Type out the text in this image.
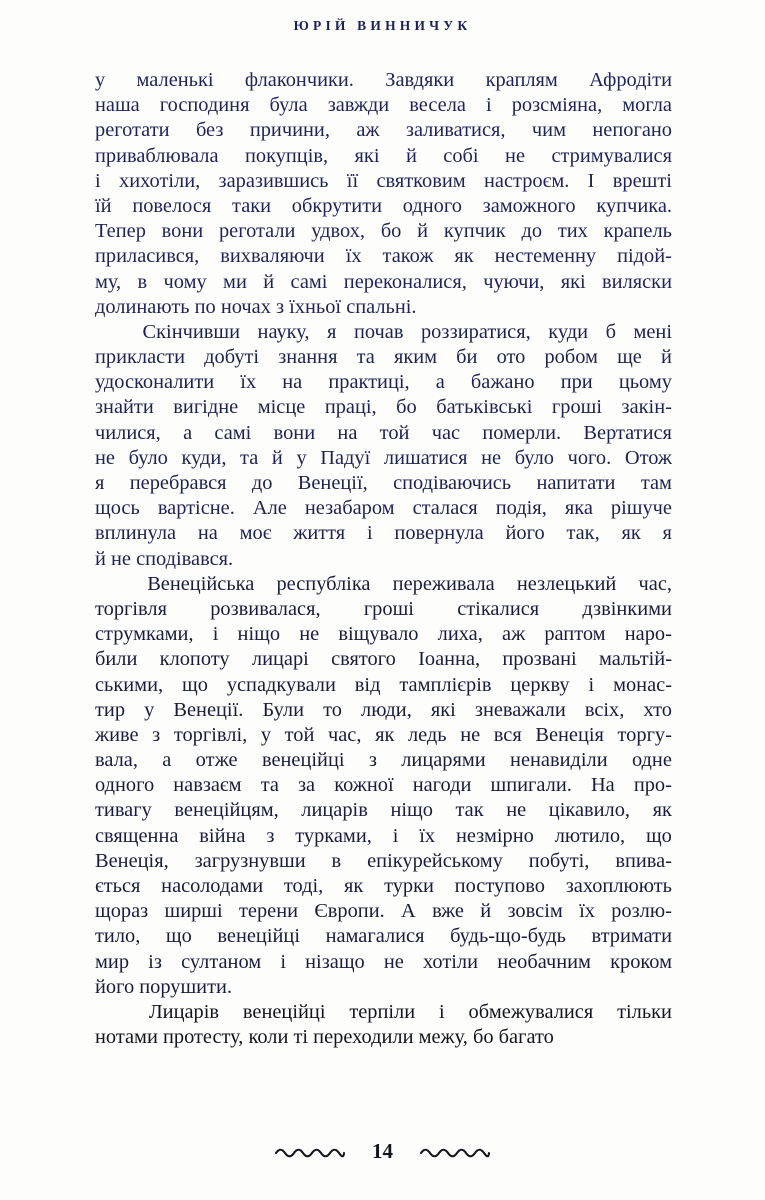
ЮРІЙ ВИННИЧУК
у маленькі флакончики. Завдяки краплям Афродіти
наша господиня була завжди весела і розсміяна, могла
реготати без причини, аж заливатися, чим непогано
приваблювала покупців, які й собі не стримувалися
і хихотіли, заразившись її святковим настроєм. І врешті
їй повелося таки обкрутити одного заможного купчика.
Тепер вони реготали удвох, бо й купчик до тих крапель
приласився, вихваляючи їх також як нестеменну підой-
му, в чому ми й самі переконалися, чуючи, які виляски
долинають по ночах з їхньої спальні.
Скінчивши науку, я почав роззиратися, куди б мені
прикласти добуті знання та яким би ото робом ще й
удосконалити їх на практиці, а бажано при цьому
знайти вигідне місце праці, бо батьківські гроші закін-
чилися, а самі вони на той час померли. Вертатися
не було куди, та й у Падуї лишатися не було чого. Отож
я перебрався до Венеції, сподіваючись напитати там
щось вартісне. Але незабаром сталася подія, яка рішуче
вплинула на моє життя і повернула його так, як я
й не сподівався.
Венеційська республіка переживала незлецький час,
торгівля розвивалася, гроші стікалися дзвінкими
струмками, і ніщо не віщувало лиха, аж раптом наро-
били клопоту лицарі святого Іоанна, прозвані мальтій-
ськими, що успадкували від тамплієрів церкву і монас-
тир у Венеції. Були то люди, які зневажали всіх, хто
живе з торгівлі, у той час, як ледь не вся Венеція торгу-
вала, а отже венеційці з лицарями ненавиділи одне
одного навзаєм та за кожної нагоди шпигали. На про-
тивагу венеційцям, лицарів ніщо так не цікавило, як
священна війна з турками, і їх незмірно лютило, що
Венеція, загрузнувши в епікурейському побуті, впива-
ється насолодами тоді, як турки поступово захоплюють
щораз ширші терени Європи. А вже й зовсім їх розлю-
тило, що венеційці намагалися будь-що-будь втримати
мир із султаном і нізащо не хотіли необачним кроком
його порушити.
Лицарів венеційці терпіли і обмежувалися тільки
нотами протесту, коли ті переходили межу, бо багато
14
